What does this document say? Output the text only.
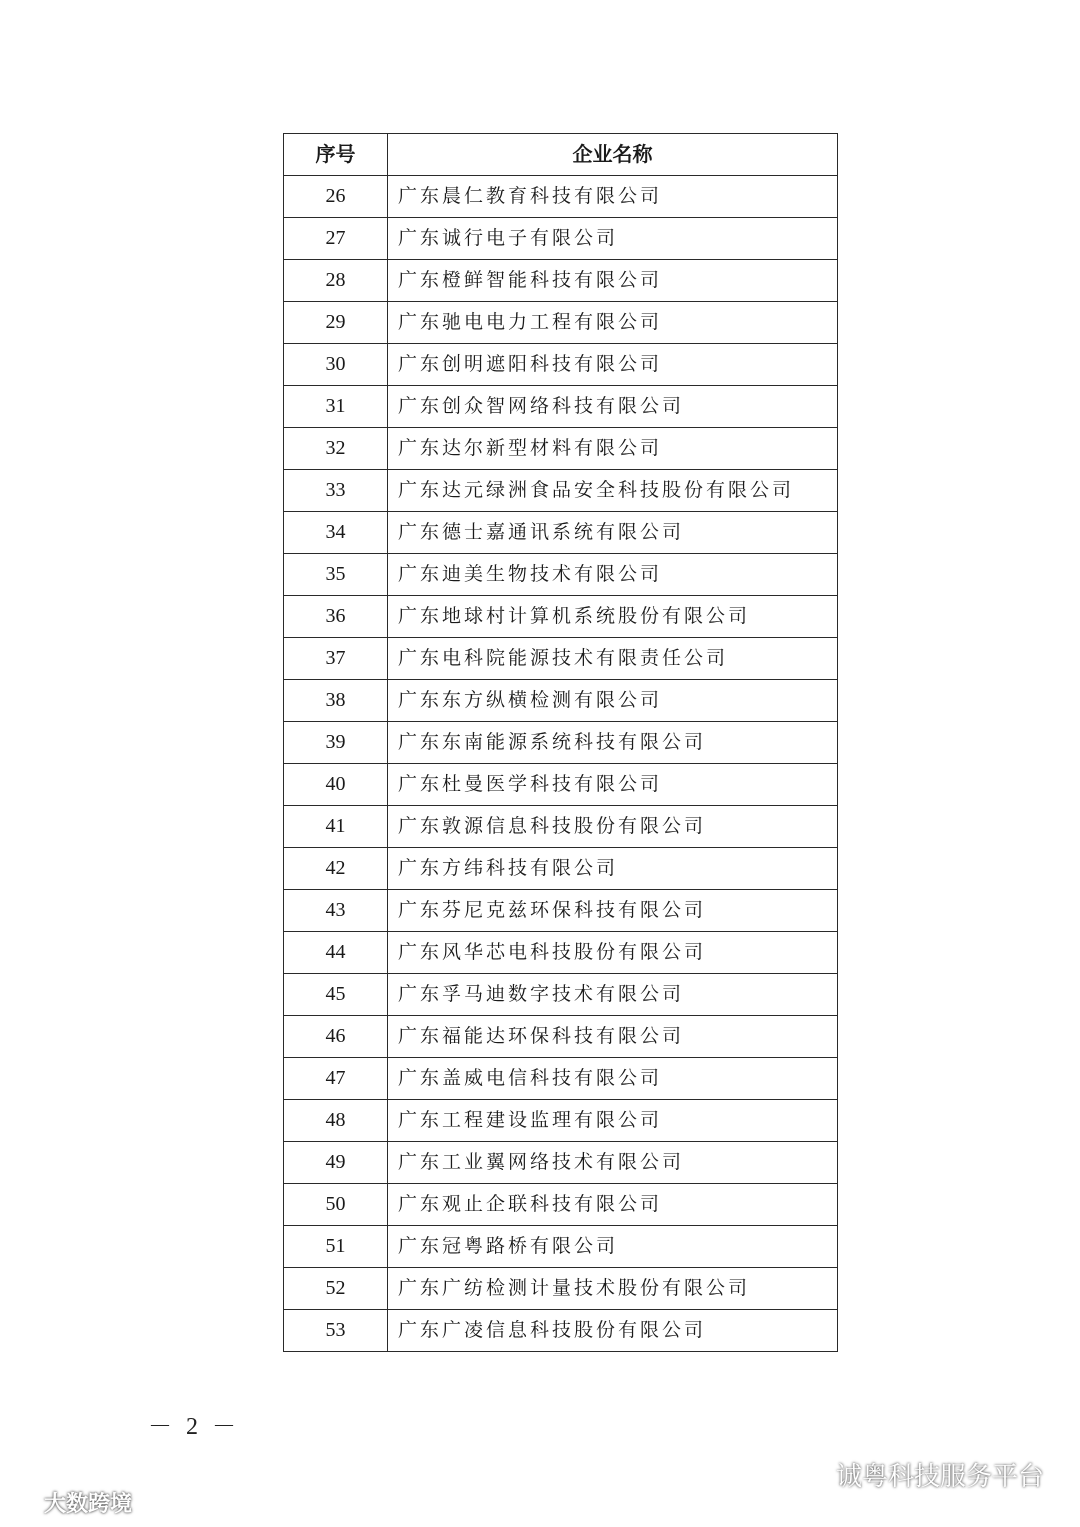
序号	企业名称
26	广东晨仁教育科技有限公司
27	广东诚行电子有限公司
28	广东橙鲜智能科技有限公司
29	广东驰电电力工程有限公司
30	广东创明遮阳科技有限公司
31	广东创众智网络科技有限公司
32	广东达尔新型材料有限公司
33	广东达元绿洲食品安全科技股份有限公司
34	广东德士嘉通讯系统有限公司
35	广东迪美生物技术有限公司
36	广东地球村计算机系统股份有限公司
37	广东电科院能源技术有限责任公司
38	广东东方纵横检测有限公司
39	广东东南能源系统科技有限公司
40	广东杜曼医学科技有限公司
41	广东敦源信息科技股份有限公司
42	广东方纬科技有限公司
43	广东芬尼克兹环保科技有限公司
44	广东风华芯电科技股份有限公司
45	广东孚马迪数字技术有限公司
46	广东福能达环保科技有限公司
47	广东盖威电信科技有限公司
48	广东工程建设监理有限公司
49	广东工业翼网络技术有限公司
50	广东观止企联科技有限公司
51	广东冠粤路桥有限公司
52	广东广纺检测计量技术股份有限公司
53	广东广凌信息科技股份有限公司
－ 2 －
大数跨境
诚粤科技服务平台
